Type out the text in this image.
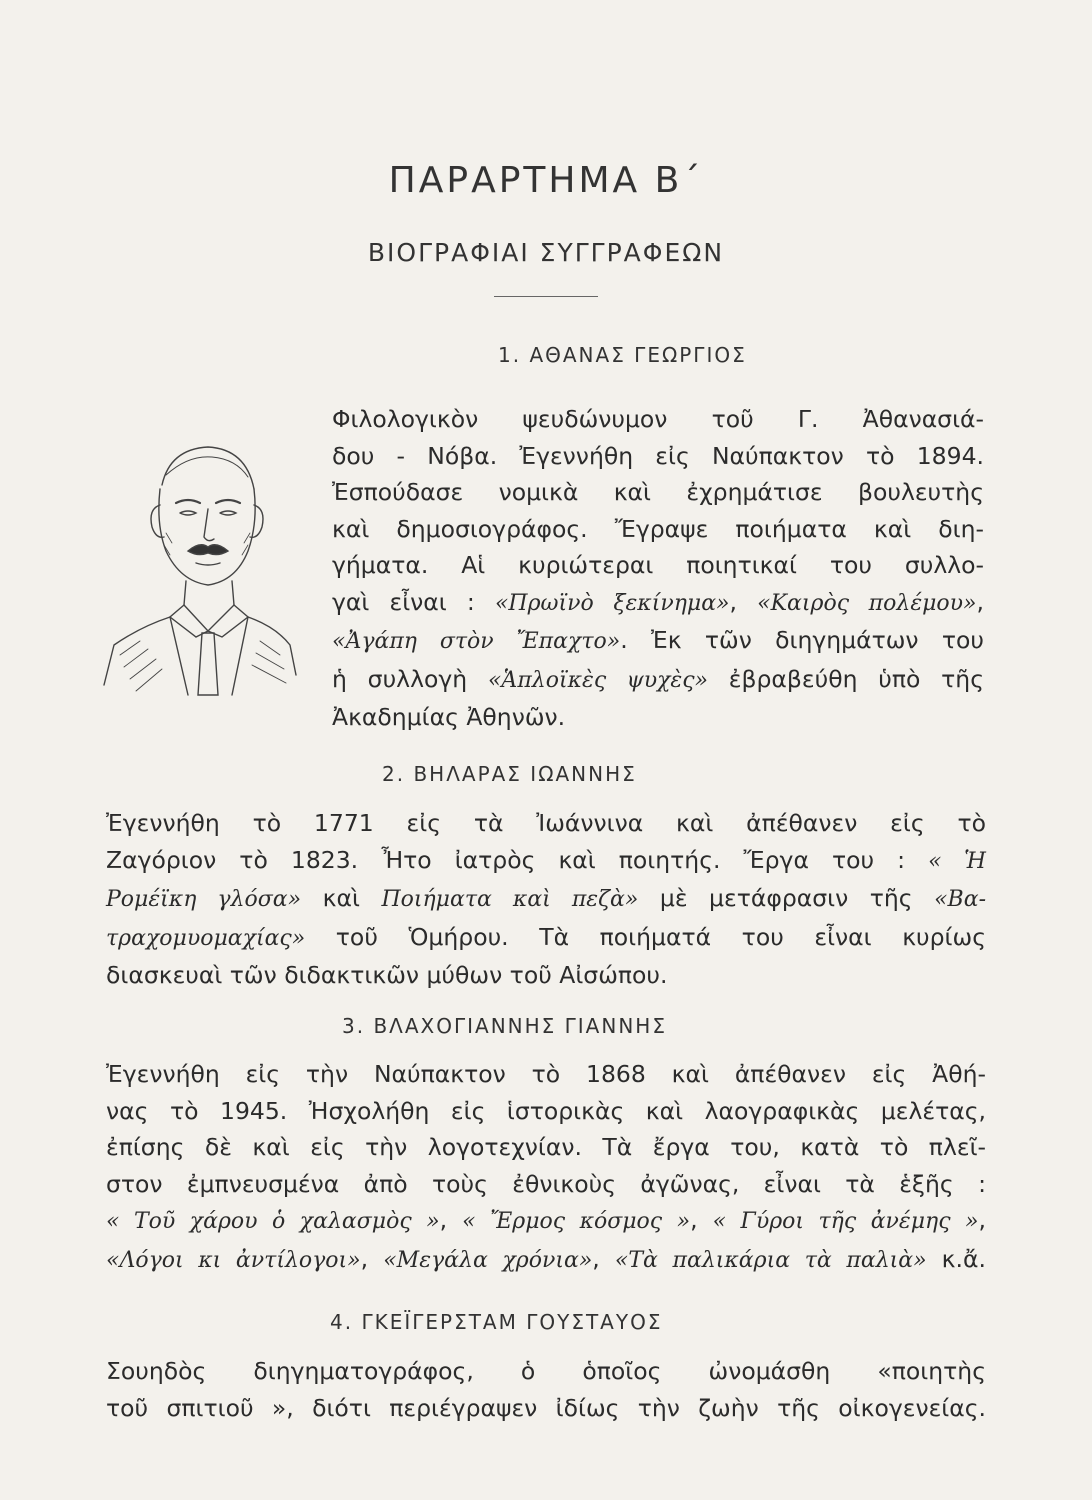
ΠΑΡΑΡΤΗΜΑ Β΄
ΒΙΟΓΡΑΦΙΑΙ ΣΥΓΓΡΑΦΕΩΝ
1. ΑΘΑΝΑΣ ΓΕΩΡΓΙΟΣ
Φιλολογικὸν ψευδώνυμον τοῦ Γ. Ἀθανασιά-
δου - Νόβα. Ἐγεννήθη εἰς Ναύπακτον τὸ 1894.
Ἐσπούδασε νομικὰ καὶ ἐχρημάτισε βουλευτὴς
καὶ δημοσιογράφος. Ἔγραψε ποιήματα καὶ διη-
γήματα. Αἱ κυριώτεραι ποιητικαί του συλλο-
γαὶ εἶναι : «Πρωϊνὸ ξεκίνημα», «Καιρὸς πολέμου»,
«Ἀγάπη στὸν Ἔπαχτο». Ἐκ τῶν διηγημάτων του
ἡ συλλογὴ «Ἁπλοϊκὲς ψυχὲς» ἐβραβεύθη ὑπὸ τῆς
Ἀκαδημίας Ἀθηνῶν.
2. ΒΗΛΑΡΑΣ ΙΩΑΝΝΗΣ
Ἐγεννήθη τὸ 1771 εἰς τὰ Ἰωάννινα καὶ ἀπέθανεν εἰς τὸ
Ζαγόριον τὸ 1823. Ἦτο ἰατρὸς καὶ ποιητής. Ἔργα του : « Ἡ
Ρομέϊκη γλόσα» καὶ Ποιήματα καὶ πεζὰ» μὲ μετάφρασιν τῆς «Βα-
τραχομυομαχίας» τοῦ Ὁμήρου. Τὰ ποιήματά του εἶναι κυρίως
διασκευαὶ τῶν διδακτικῶν μύθων τοῦ Αἰσώπου.
3. ΒΛΑΧΟΓΙΑΝΝΗΣ ΓΙΑΝΝΗΣ
Ἐγεννήθη εἰς τὴν Ναύπακτον τὸ 1868 καὶ ἀπέθανεν εἰς Ἀθή-
νας τὸ 1945. Ἠσχολήθη εἰς ἱστορικὰς καὶ λαογραφικὰς μελέτας,
ἐπίσης δὲ καὶ εἰς τὴν λογοτεχνίαν. Τὰ ἔργα του, κατὰ τὸ πλεῖ-
στον ἐμπνευσμένα ἀπὸ τοὺς ἐθνικοὺς ἀγῶνας, εἶναι τὰ ἑξῆς :
« Τοῦ χάρου ὁ χαλασμὸς », « Ἔρμος κόσμος », « Γύροι τῆς ἀνέμης »,
«Λόγοι κι ἀντίλογοι», «Μεγάλα χρόνια», «Τὰ παλικάρια τὰ παλιὰ» κ.ἄ.
4. ΓΚΕΪΓΕΡΣΤΑΜ ΓΟΥΣΤΑΥΟΣ
Σουηδὸς διηγηματογράφος, ὁ ὁποῖος ὠνομάσθη «ποιητὴς
τοῦ σπιτιοῦ », διότι περιέγραψεν ἰδίως τὴν ζωὴν τῆς οἰκογενείας.
